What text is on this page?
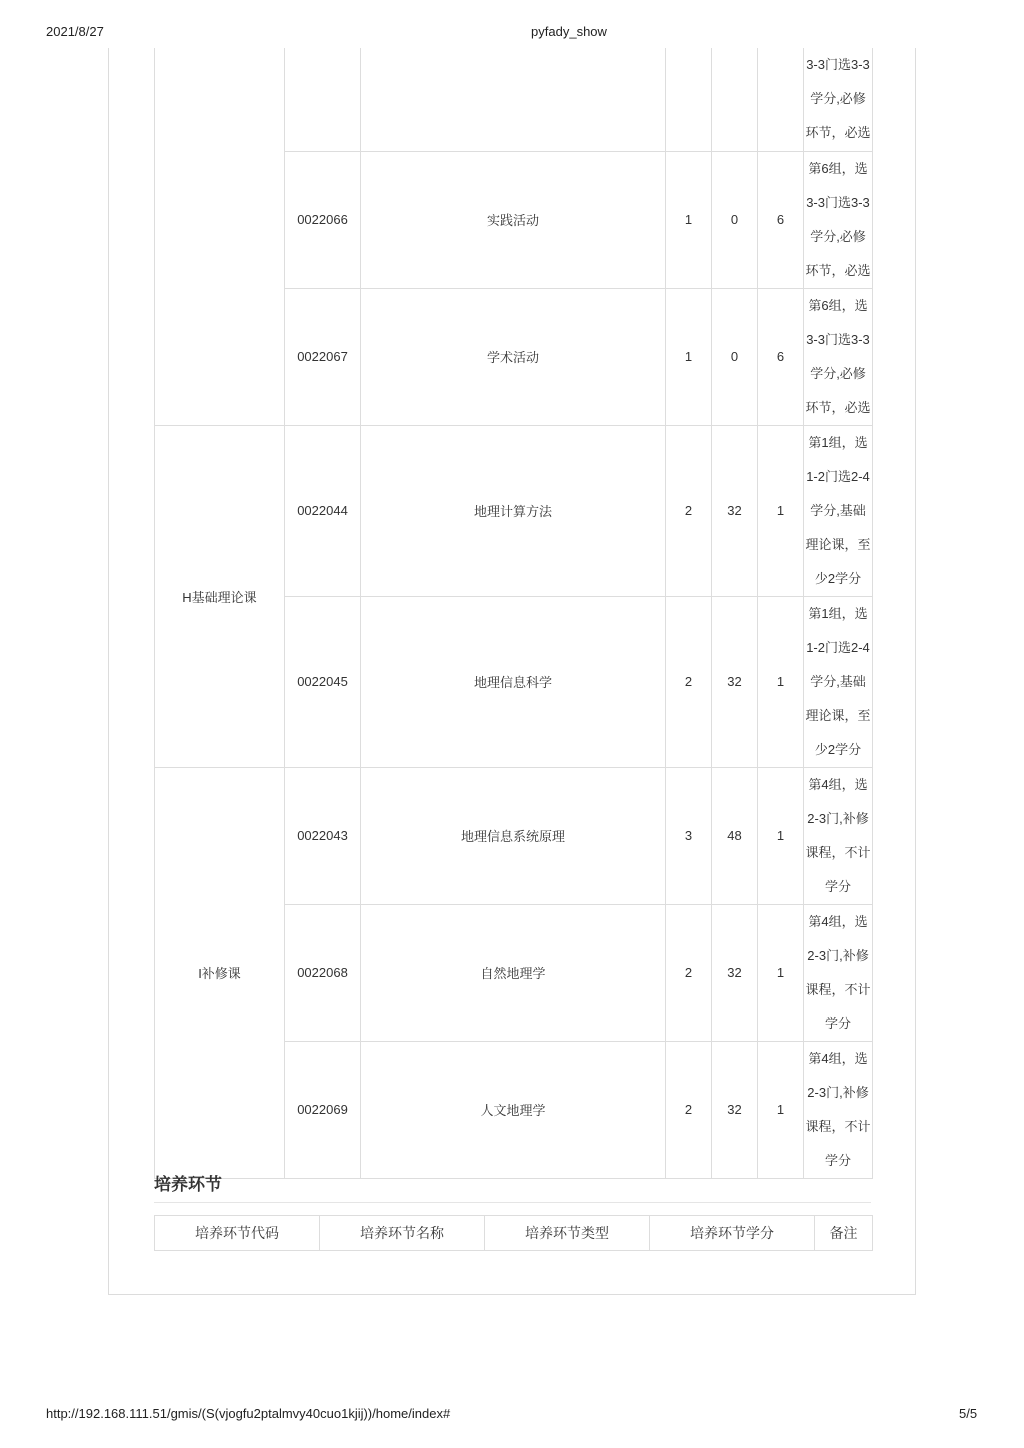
2021/8/27	pyfady_show
						3-3门选3-3学分,必修环节，必选
	0022066	实践活动	1	0	6	第6组，选3-3门选3-3学分,必修环节，必选
	0022067	学术活动	1	0	6	第6组，选3-3门选3-3学分,必修环节，必选
H基础理论课	0022044	地理计算方法	2	32	1	第1组，选1-2门选2-4学分,基础理论课，至少2学分
	0022045	地理信息科学	2	32	1	第1组，选1-2门选2-4学分,基础理论课，至少2学分
I补修课	0022043	地理信息系统原理	3	48	1	第4组，选2-3门,补修课程，不计学分
	0022068	自然地理学	2	32	1	第4组，选2-3门,补修课程，不计学分
	0022069	人文地理学	2	32	1	第4组，选2-3门,补修课程，不计学分
培养环节
培养环节代码	培养环节名称	培养环节类型	培养环节学分	备注
http://192.168.111.51/gmis/(S(vjogfu2ptalmvy40cuo1kjij))/home/index#	5/5
